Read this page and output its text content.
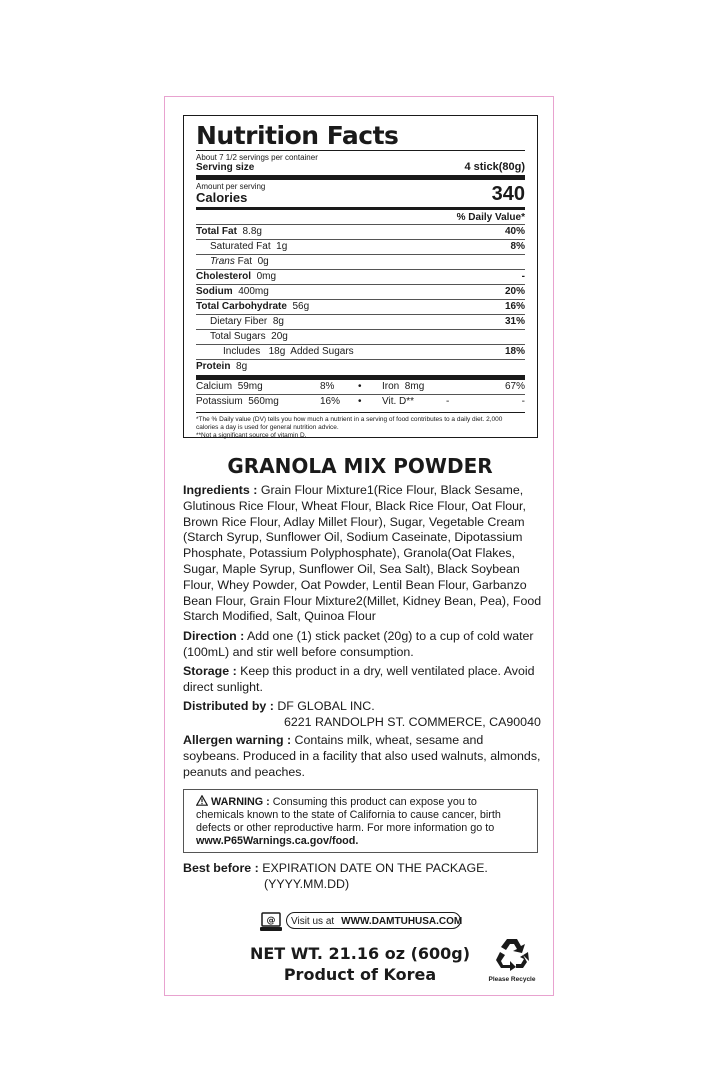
Nutrition Facts
About 7 1/2 servings per container
Serving size	4 stick(80g)
Amount per serving
Calories	340
% Daily Value*
Total Fat 8.8g	40%
Saturated Fat 1g	8%
Trans Fat 0g
Cholesterol 0mg	-
Sodium 400mg	20%
Total Carbohydrate 56g	16%
Dietary Fiber 8g	31%
Total Sugars 20g
Includes 18g Added Sugars	18%
Protein 8g
Calcium 59mg	8%	•	Iron 8mg	67%
Potassium 560mg	16%	•	Vit. D**	-	-
*The % Daily value (DV) tells you how much a nutrient in a serving of food contributes to a daily diet. 2,000 calories a day is used for general nutrition advice.
**Not a significant source of vitamin D.
GRANOLA MIX POWDER
Ingredients : Grain Flour Mixture1(Rice Flour, Black Sesame, Glutinous Rice Flour, Wheat Flour, Black Rice Flour, Oat Flour, Brown Rice Flour, Adlay Millet Flour), Sugar, Vegetable Cream (Starch Syrup, Sunflower Oil, Sodium Caseinate, Dipotassium Phosphate, Potassium Polyphosphate), Granola(Oat Flakes, Sugar, Maple Syrup, Sunflower Oil, Sea Salt), Black Soybean Flour, Whey Powder, Oat Powder, Lentil Bean Flour, Garbanzo Bean Flour, Grain Flour Mixture2(Millet, Kidney Bean, Pea), Food Starch Modified, Salt, Quinoa Flour
Direction : Add one (1) stick packet (20g) to a cup of cold water (100mL) and stir well before consumption.
Storage : Keep this product in a dry, well ventilated place. Avoid direct sunlight.
Distributed by : DF GLOBAL INC.
6221 RANDOLPH ST. COMMERCE, CA90040
Allergen warning : Contains milk, wheat, sesame and soybeans. Produced in a facility that also used walnuts, almonds, peanuts and peaches.
WARNING : Consuming this product can expose you to chemicals known to the state of California to cause cancer, birth defects or other reproductive harm. For more information go to www.P65Warnings.ca.gov/food.
Best before : EXPIRATION DATE ON THE PACKAGE.
(YYYY.MM.DD)
@	Visit us at WWW.DAMTUHUSA.COM
NET WT. 21.16 oz (600g)
Product of Korea	Please Recycle
